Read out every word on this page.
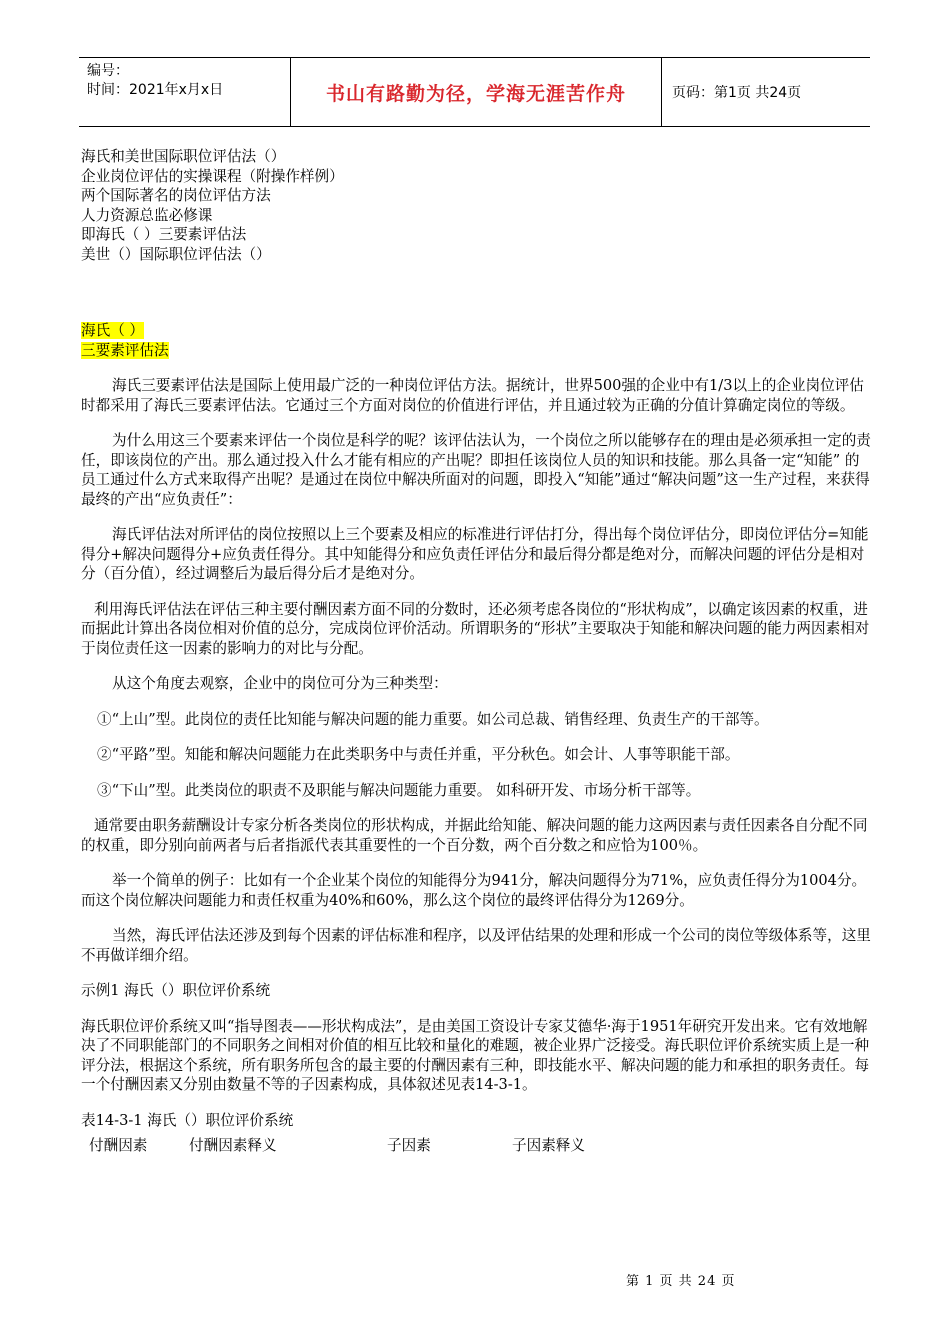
编号：
时间：2021年x月x日	书山有路勤为径，学海无涯苦作舟	页码：第1页 共24页

海氏和美世国际职位评估法（）

企业岗位评估的实操课程（附操作样例）

两个国际著名的岗位评估方法

人力资源总监必修课

即海氏（ ）三要素评估法

美世（）国际职位评估法（）

海氏（ ）

三要素评估法

海氏三要素评估法是国际上使用最广泛的一种岗位评估方法。据统计，世界500强的企业中有1/3以上的企业岗位评估时都采用了海氏三要素评估法。它通过三个方面对岗位的价值进行评估，并且通过较为正确的分值计算确定岗位的等级。

为什么用这三个要素来评估一个岗位是科学的呢？该评估法认为，一个岗位之所以能够存在的理由是必须承担一定的责任，即该岗位的产出。那么通过投入什么才能有相应的产出呢？即担任该岗位人员的知识和技能。那么具备一定“知能” 的员工通过什么方式来取得产出呢？是通过在岗位中解决所面对的问题，即投入“知能”通过“解决问题”这一生产过程，来获得最终的产出“应负责任”：

海氏评估法对所评估的岗位按照以上三个要素及相应的标准进行评估打分，得出每个岗位评估分，即岗位评估分=知能得分+解决问题得分+应负责任得分。其中知能得分和应负责任评估分和最后得分都是绝对分，而解决问题的评估分是相对分（百分值），经过调整后为最后得分后才是绝对分。

利用海氏评估法在评估三种主要付酬因素方面不同的分数时，还必须考虑各岗位的“形状构成”，以确定该因素的权重，进而据此计算出各岗位相对价值的总分，完成岗位评价活动。所谓职务的“形状”主要取决于知能和解决问题的能力两因素相对于岗位责任这一因素的影响力的对比与分配。

从这个角度去观察，企业中的岗位可分为三种类型：

①“上山”型。此岗位的责任比知能与解决问题的能力重要。如公司总裁、销售经理、负责生产的干部等。

②“平路”型。知能和解决问题能力在此类职务中与责任并重，平分秋色。如会计、人事等职能干部。

③“下山”型。此类岗位的职责不及职能与解决问题能力重要。 如科研开发、市场分析干部等。

通常要由职务薪酬设计专家分析各类岗位的形状构成，并据此给知能、解决问题的能力这两因素与责任因素各自分配不同的权重，即分别向前两者与后者指派代表其重要性的一个百分数，两个百分数之和应恰为100％。

举一个简单的例子：比如有一个企业某个岗位的知能得分为941分，解决问题得分为71%，应负责任得分为1004分。而这个岗位解决问题能力和责任权重为40%和60%，那么这个岗位的最终评估得分为1269分。

当然，海氏评估法还涉及到每个因素的评估标准和程序，以及评估结果的处理和形成一个公司的岗位等级体系等，这里不再做详细介绍。

示例1 海氏（）职位评价系统

海氏职位评价系统又叫“指导图表——形状构成法”，是由美国工资设计专家艾德华·海于1951年研究开发出来。它有效地解决了不同职能部门的不同职务之间相对价值的相互比较和量化的难题，被企业界广泛接受。海氏职位评价系统实质上是一种评分法，根据这个系统，所有职务所包含的最主要的付酬因素有三种，即技能水平、解决问题的能力和承担的职务责任。每一个付酬因素又分别由数量不等的子因素构成，具体叙述见表14-3-1。

表14-3-1 海氏（）职位评价系统

付酬因素	付酬因素释义	子因素	子因素释义
第 1 页 共 24 页
